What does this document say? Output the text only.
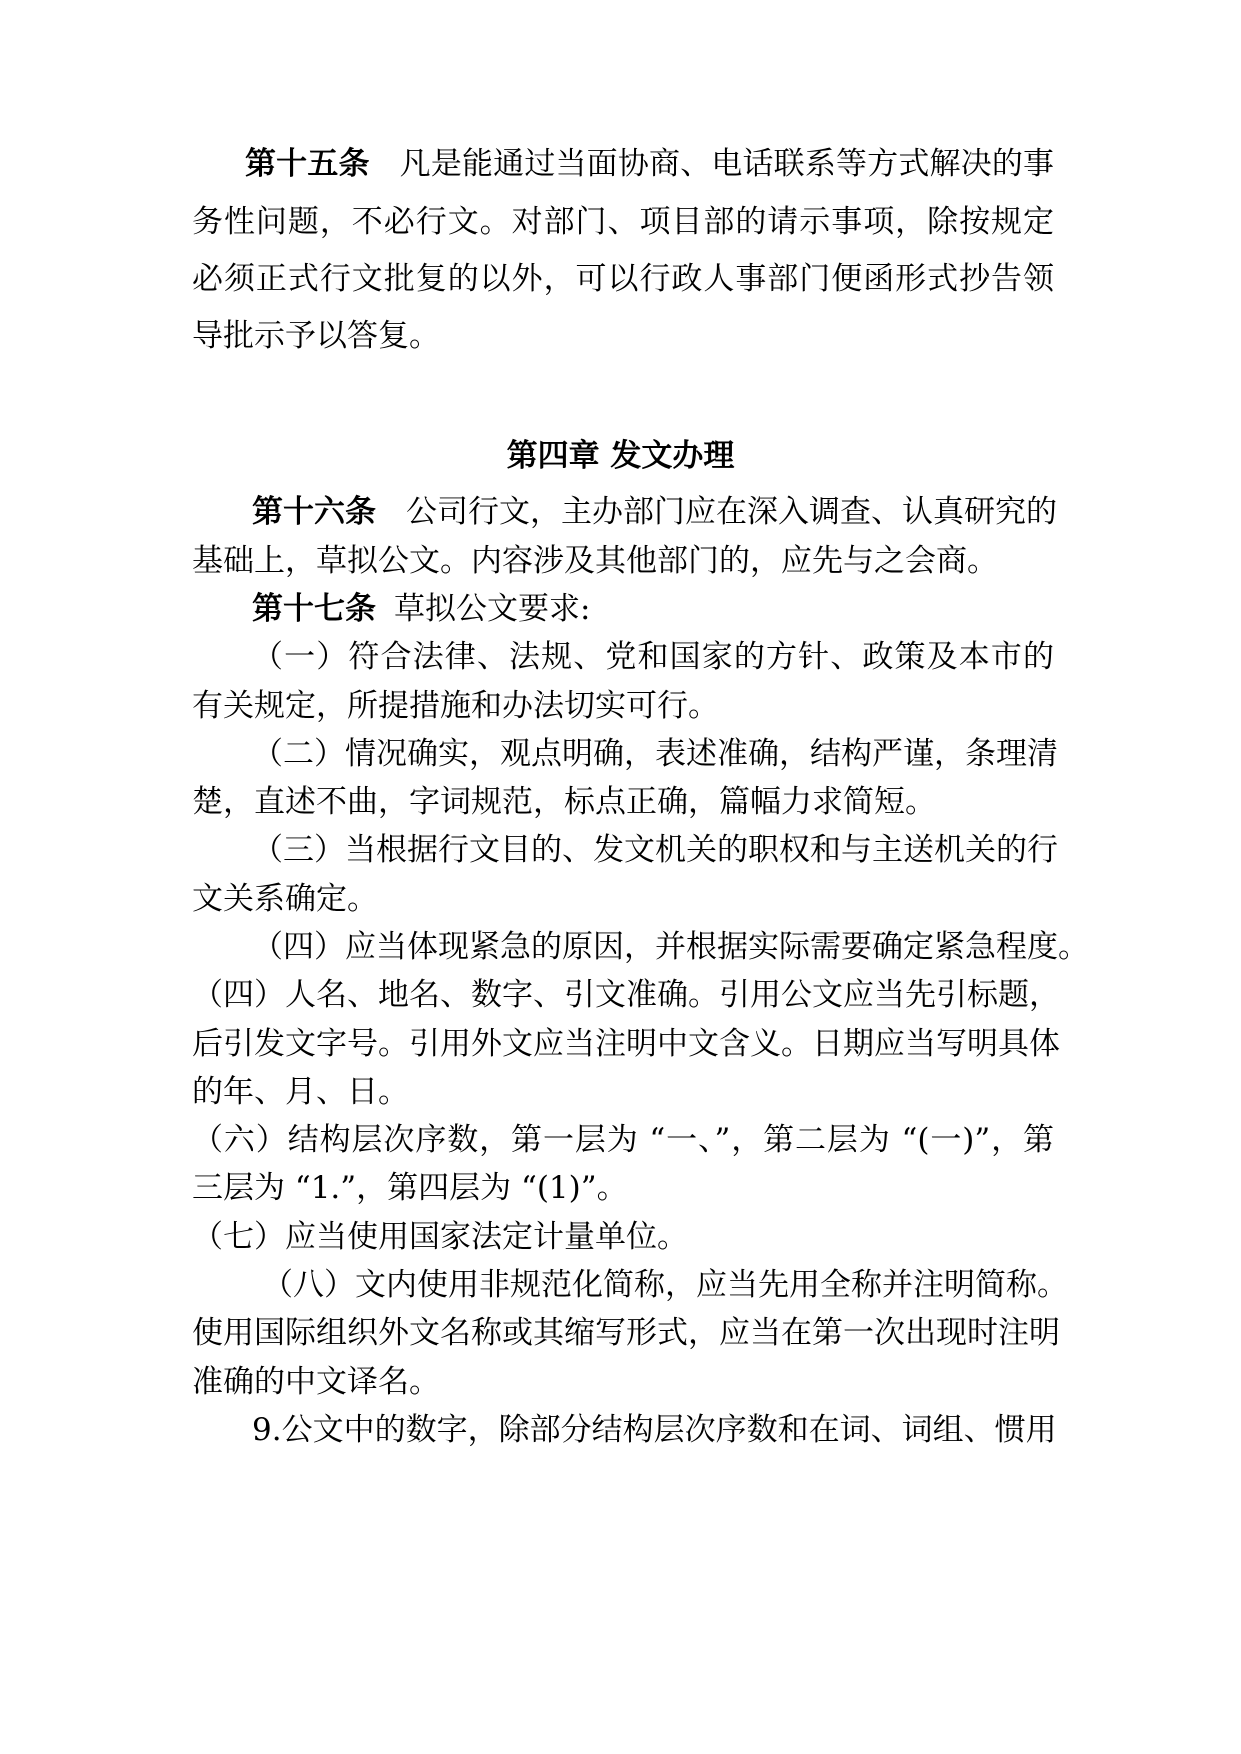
第十五条 凡是能通过当面协商、电话联系等方式解决的事

务性问题，不必行文。对部门、项目部的请示事项，除按规定

必须正式行文批复的以外，可以行政人事部门便函形式抄告领

导批示予以答复。

第四章 发文办理

第十六条 公司行文，主办部门应在深入调查、认真研究的

基础上，草拟公文。内容涉及其他部门的，应先与之会商。

第十七条 草拟公文要求:

（一）符合法律、法规、党和国家的方针、政策及本市的

有关规定，所提措施和办法切实可行。

（二）情况确实，观点明确，表述准确，结构严谨，条理清

楚，直述不曲，字词规范，标点正确，篇幅力求简短。

（三）当根据行文目的、发文机关的职权和与主送机关的行

文关系确定。

（四）应当体现紧急的原因，并根据实际需要确定紧急程度。

（四）人名、地名、数字、引文准确。引用公文应当先引标题，

后引发文字号。引用外文应当注明中文含义。日期应当写明具体

的年、月、日。

（六）结构层次序数，第一层为 “一、”，第二层为 “(一)”，第

三层为 “1.”，第四层为 “(1)”。

（七）应当使用国家法定计量单位。

（八）文内使用非规范化简称，应当先用全称并注明简称。

使用国际组织外文名称或其缩写形式，应当在第一次出现时注明

准确的中文译名。

9.公文中的数字，除部分结构层次序数和在词、词组、惯用
